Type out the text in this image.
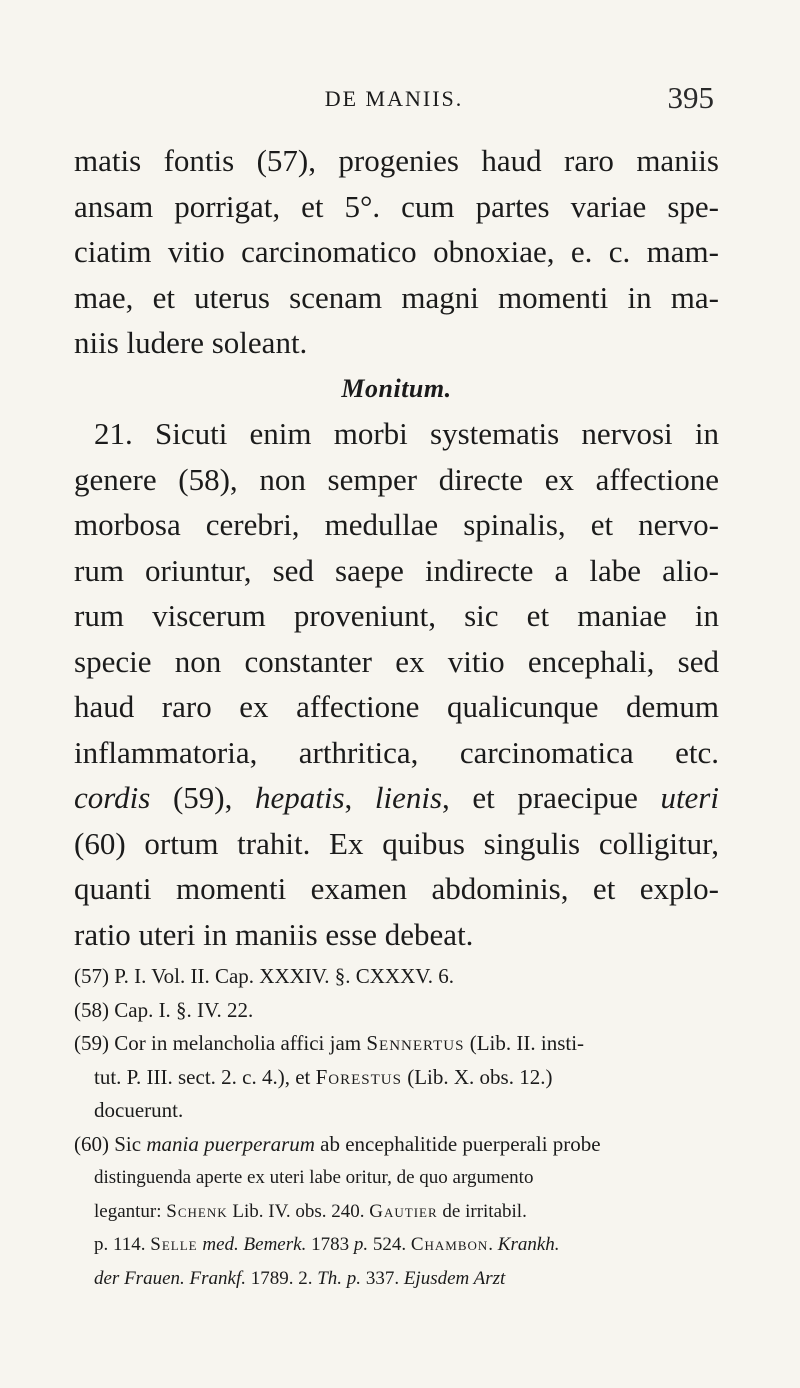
DE MANIIS.	395
matis fontis (57), progenies haud raro maniis
ansam porrigat, et 5°. cum partes variae spe-
ciatim vitio carcinomatico obnoxiae, e. c. mam-
mae, et uterus scenam magni momenti in ma-
niis ludere soleant.
Monitum.
21. Sicuti enim morbi systematis nervosi in
genere (58), non semper directe ex affectione
morbosa cerebri, medullae spinalis, et nervo-
rum oriuntur, sed saepe indirecte a labe alio-
rum viscerum proveniunt, sic et maniae in
specie non constanter ex vitio encephali, sed
haud raro ex affectione qualicunque demum
inflammatoria, arthritica, carcinomatica etc.
cordis (59), hepatis, lienis, et praecipue uteri
(60) ortum trahit. Ex quibus singulis colligitur,
quanti momenti examen abdominis, et explo-
ratio uteri in maniis esse debeat.
(57) P. I. Vol. II. Cap. XXXIV. §. CXXXV. 6.
(58) Cap. I. §. IV. 22.
(59) Cor in melancholia affici jam Sennertus (Lib. II. insti-
tut. P. III. sect. 2. c. 4.), et Forestus (Lib. X. obs. 12.)
docuerunt.
(60) Sic mania puerperarum ab encephalitide puerperali probe
distinguenda aperte ex uteri labe oritur, de quo argumento
legantur: Schenk Lib. IV. obs. 240. Gautier de irritabil.
p. 114. Selle med. Bemerk. 1783 p. 524. Chambon. Krankh.
der Frauen. Frankf. 1789. 2. Th. p. 337. Ejusdem Arzt
